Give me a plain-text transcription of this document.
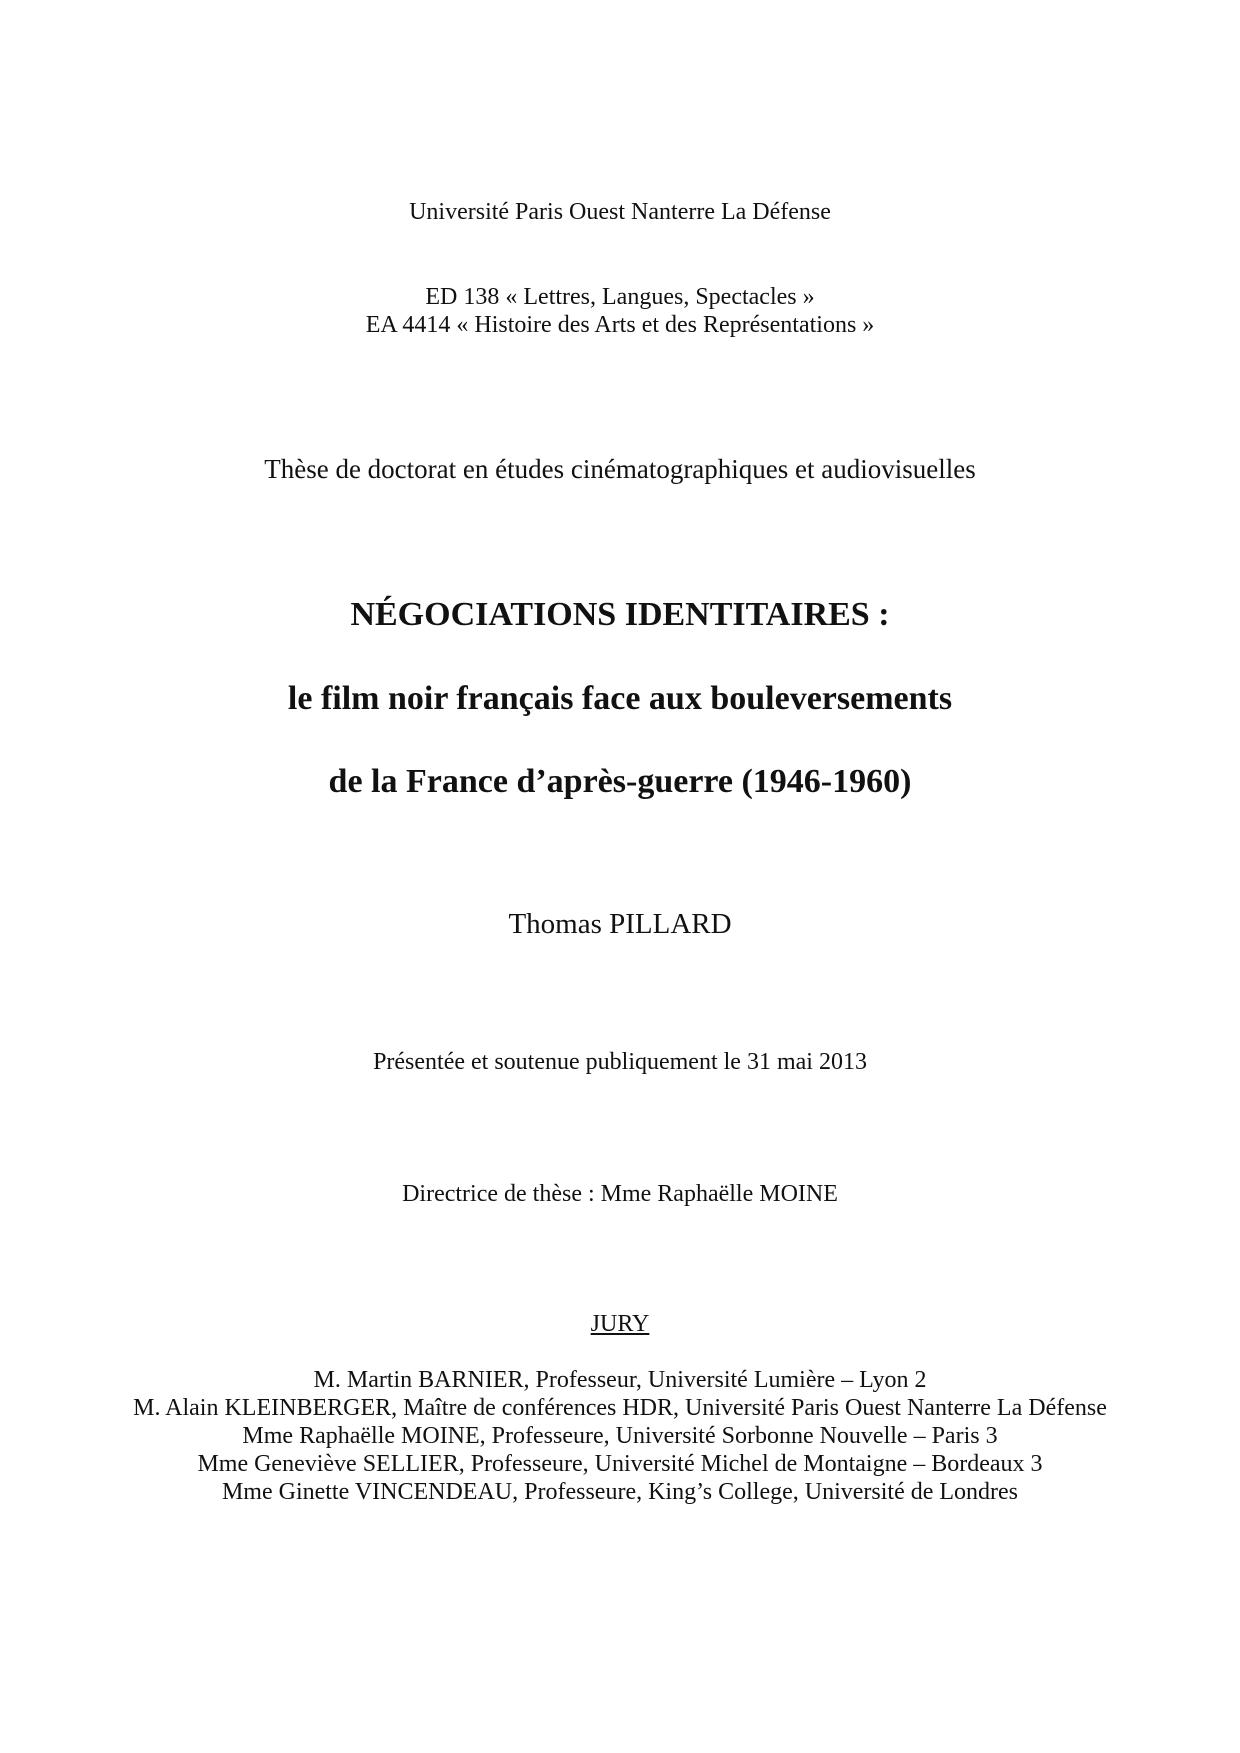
Université Paris Ouest Nanterre La Défense
ED 138 « Lettres, Langues, Spectacles »
EA 4414 « Histoire des Arts et des Représentations »
Thèse de doctorat en études cinématographiques et audiovisuelles
NÉGOCIATIONS IDENTITAIRES :
le film noir français face aux bouleversements
de la France d’après-guerre (1946-1960)
Thomas PILLARD
Présentée et soutenue publiquement le 31 mai 2013
Directrice de thèse : Mme Raphaëlle MOINE
JURY
M. Martin BARNIER, Professeur, Université Lumière – Lyon 2
M. Alain KLEINBERGER, Maître de conférences HDR, Université Paris Ouest Nanterre La Défense
Mme Raphaëlle MOINE, Professeure, Université Sorbonne Nouvelle – Paris 3
Mme Geneviève SELLIER, Professeure, Université Michel de Montaigne – Bordeaux 3
Mme Ginette VINCENDEAU, Professeure, King’s College, Université de Londres
